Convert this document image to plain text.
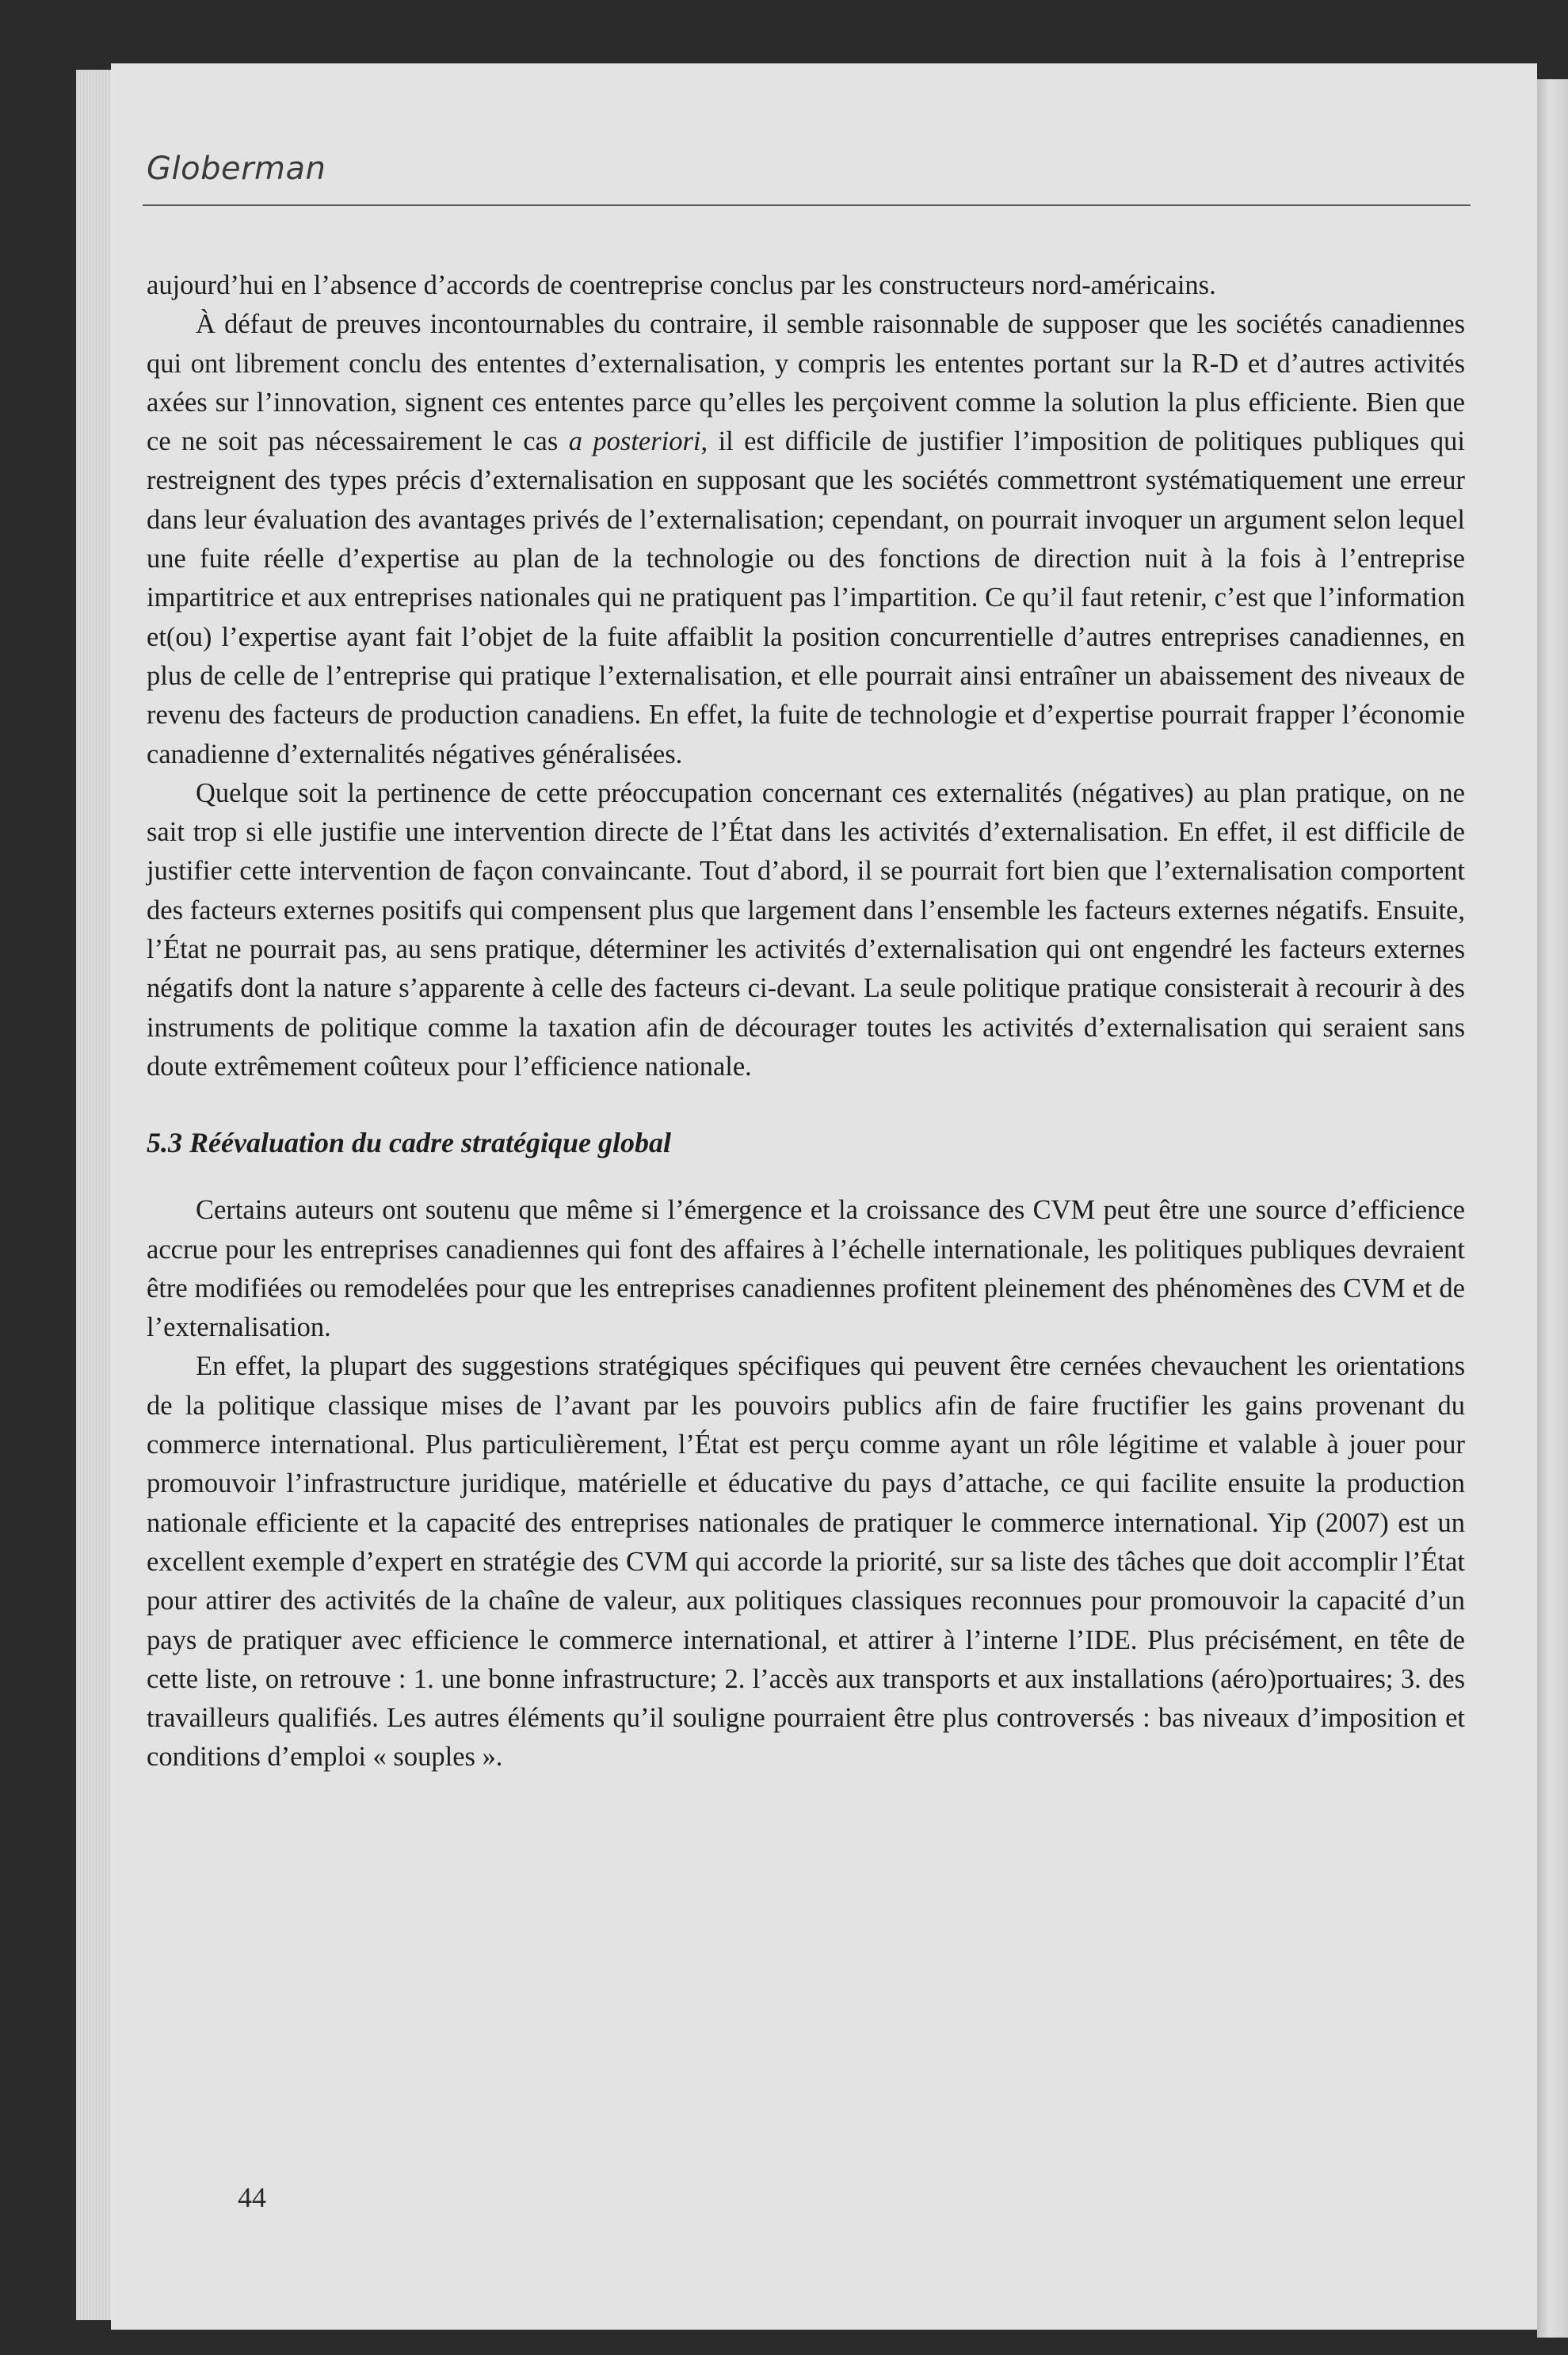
Globerman

aujourd’hui en l’absence d’accords de coentreprise conclus par les constructeurs nord-américains.

À défaut de preuves incontournables du contraire, il semble raisonnable de supposer que les sociétés canadiennes qui ont librement conclu des ententes d’externalisation, y compris les ententes portant sur la R-D et d’autres activités axées sur l’innovation, signent ces ententes parce qu’elles les perçoivent comme la solution la plus efficiente. Bien que ce ne soit pas nécessairement le cas a posteriori, il est difficile de justifier l’imposition de politiques publiques qui restreignent des types précis d’externalisation en supposant que les sociétés commettront systématiquement une erreur dans leur évaluation des avantages privés de l’externalisation; cependant, on pourrait invoquer un argument selon lequel une fuite réelle d’expertise au plan de la technologie ou des fonctions de direction nuit à la fois à l’entreprise impartitrice et aux entreprises nationales qui ne pratiquent pas l’impartition. Ce qu’il faut retenir, c’est que l’information et(ou) l’expertise ayant fait l’objet de la fuite affaiblit la position concurrentielle d’autres entreprises canadiennes, en plus de celle de l’entreprise qui pratique l’externalisation, et elle pourrait ainsi entraîner un abaissement des niveaux de revenu des facteurs de production canadiens. En effet, la fuite de technologie et d’expertise pourrait frapper l’économie canadienne d’externalités négatives généralisées.

Quelque soit la pertinence de cette préoccupation concernant ces externalités (négatives) au plan pratique, on ne sait trop si elle justifie une intervention directe de l’État dans les activités d’externalisation. En effet, il est difficile de justifier cette intervention de façon convaincante. Tout d’abord, il se pourrait fort bien que l’externalisation comportent des facteurs externes positifs qui compensent plus que largement dans l’ensemble les facteurs externes négatifs. Ensuite, l’État ne pourrait pas, au sens pratique, déterminer les activités d’externalisation qui ont engendré les facteurs externes négatifs dont la nature s’apparente à celle des facteurs ci-devant. La seule politique pratique consisterait à recourir à des instruments de politique comme la taxation afin de décourager toutes les activités d’externalisation qui seraient sans doute extrêmement coûteux pour l’efficience nationale.

5.3 Réévaluation du cadre stratégique global

Certains auteurs ont soutenu que même si l’émergence et la croissance des CVM peut être une source d’efficience accrue pour les entreprises canadiennes qui font des affaires à l’échelle internationale, les politiques publiques devraient être modifiées ou remodelées pour que les entreprises canadiennes profitent pleinement des phénomènes des CVM et de l’externalisation.

En effet, la plupart des suggestions stratégiques spécifiques qui peuvent être cernées chevauchent les orientations de la politique classique mises de l’avant par les pouvoirs publics afin de faire fructifier les gains provenant du commerce international. Plus particulièrement, l’État est perçu comme ayant un rôle légitime et valable à jouer pour promouvoir l’infrastructure juridique, matérielle et éducative du pays d’attache, ce qui facilite ensuite la production nationale efficiente et la capacité des entreprises nationales de pratiquer le commerce international. Yip (2007) est un excellent exemple d’expert en stratégie des CVM qui accorde la priorité, sur sa liste des tâches que doit accomplir l’État pour attirer des activités de la chaîne de valeur, aux politiques classiques reconnues pour promouvoir la capacité d’un pays de pratiquer avec efficience le commerce international, et attirer à l’interne l’IDE. Plus précisément, en tête de cette liste, on retrouve : 1. une bonne infrastructure; 2. l’accès aux transports et aux installations (aéro)portuaires; 3. des travailleurs qualifiés. Les autres éléments qu’il souligne pourraient être plus controversés : bas niveaux d’imposition et conditions d’emploi « souples ».

44
